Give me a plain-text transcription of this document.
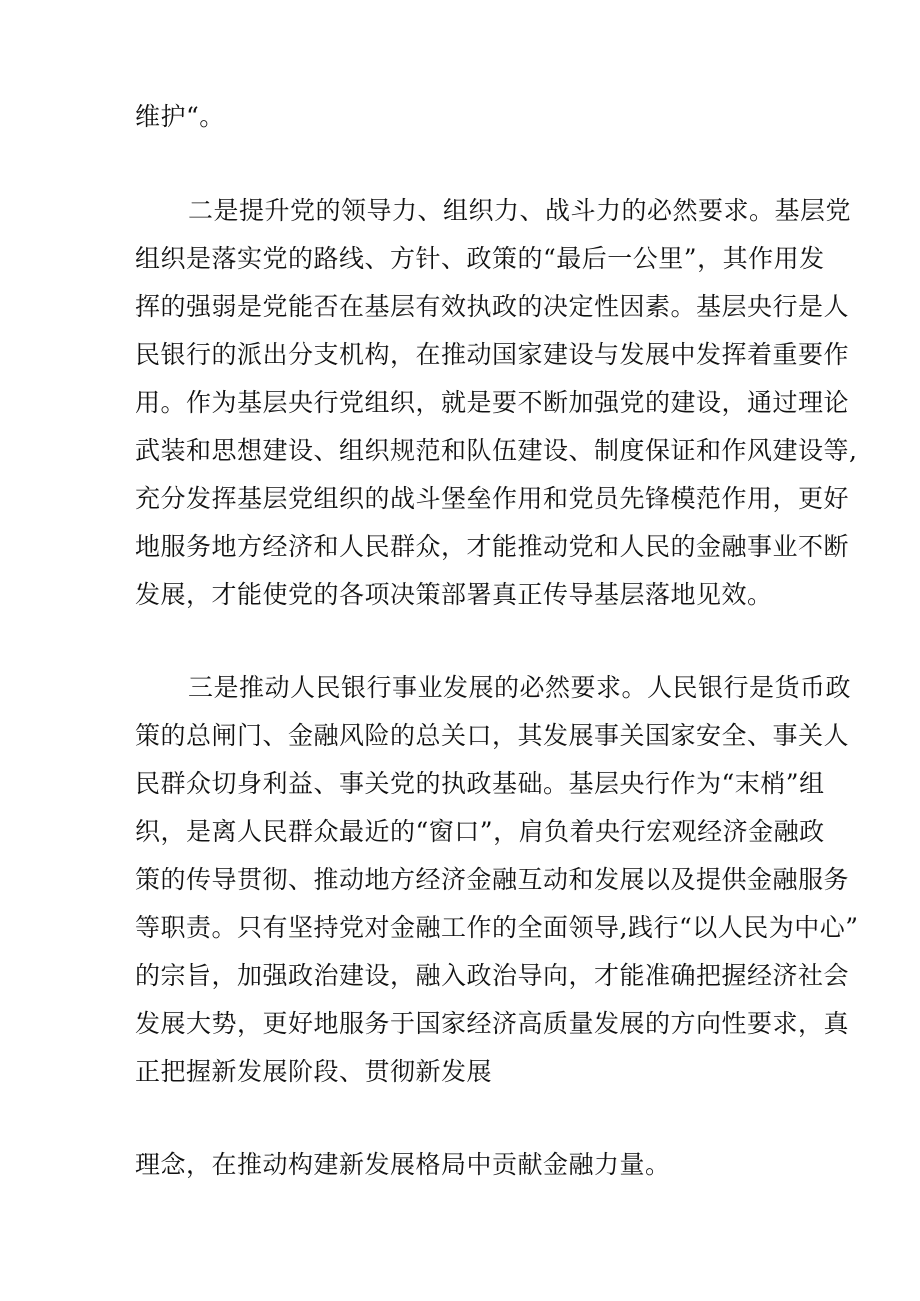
维护“。
二是提升党的领导力、组织力、战斗力的必然要求。基层党
组织是落实党的路线、方针、政策的“最后一公里”，其作用发
挥的强弱是党能否在基层有效执政的决定性因素。基层央行是人
民银行的派出分支机构，在推动国家建设与发展中发挥着重要作
用。作为基层央行党组织，就是要不断加强党的建设，通过理论
武装和思想建设、组织规范和队伍建设、制度保证和作风建设等,
充分发挥基层党组织的战斗堡垒作用和党员先锋模范作用，更好
地服务地方经济和人民群众，才能推动党和人民的金融事业不断
发展，才能使党的各项决策部署真正传导基层落地见效。
三是推动人民银行事业发展的必然要求。人民银行是货币政
策的总闸门、金融风险的总关口，其发展事关国家安全、事关人
民群众切身利益、事关党的执政基础。基层央行作为“末梢”组
织，是离人民群众最近的“窗口”，肩负着央行宏观经济金融政
策的传导贯彻、推动地方经济金融互动和发展以及提供金融服务
等职责。只有坚持党对金融工作的全面领导,践行“以人民为中心”
的宗旨，加强政治建设，融入政治导向，才能准确把握经济社会
发展大势，更好地服务于国家经济高质量发展的方向性要求，真
正把握新发展阶段、贯彻新发展
理念，在推动构建新发展格局中贡献金融力量。
